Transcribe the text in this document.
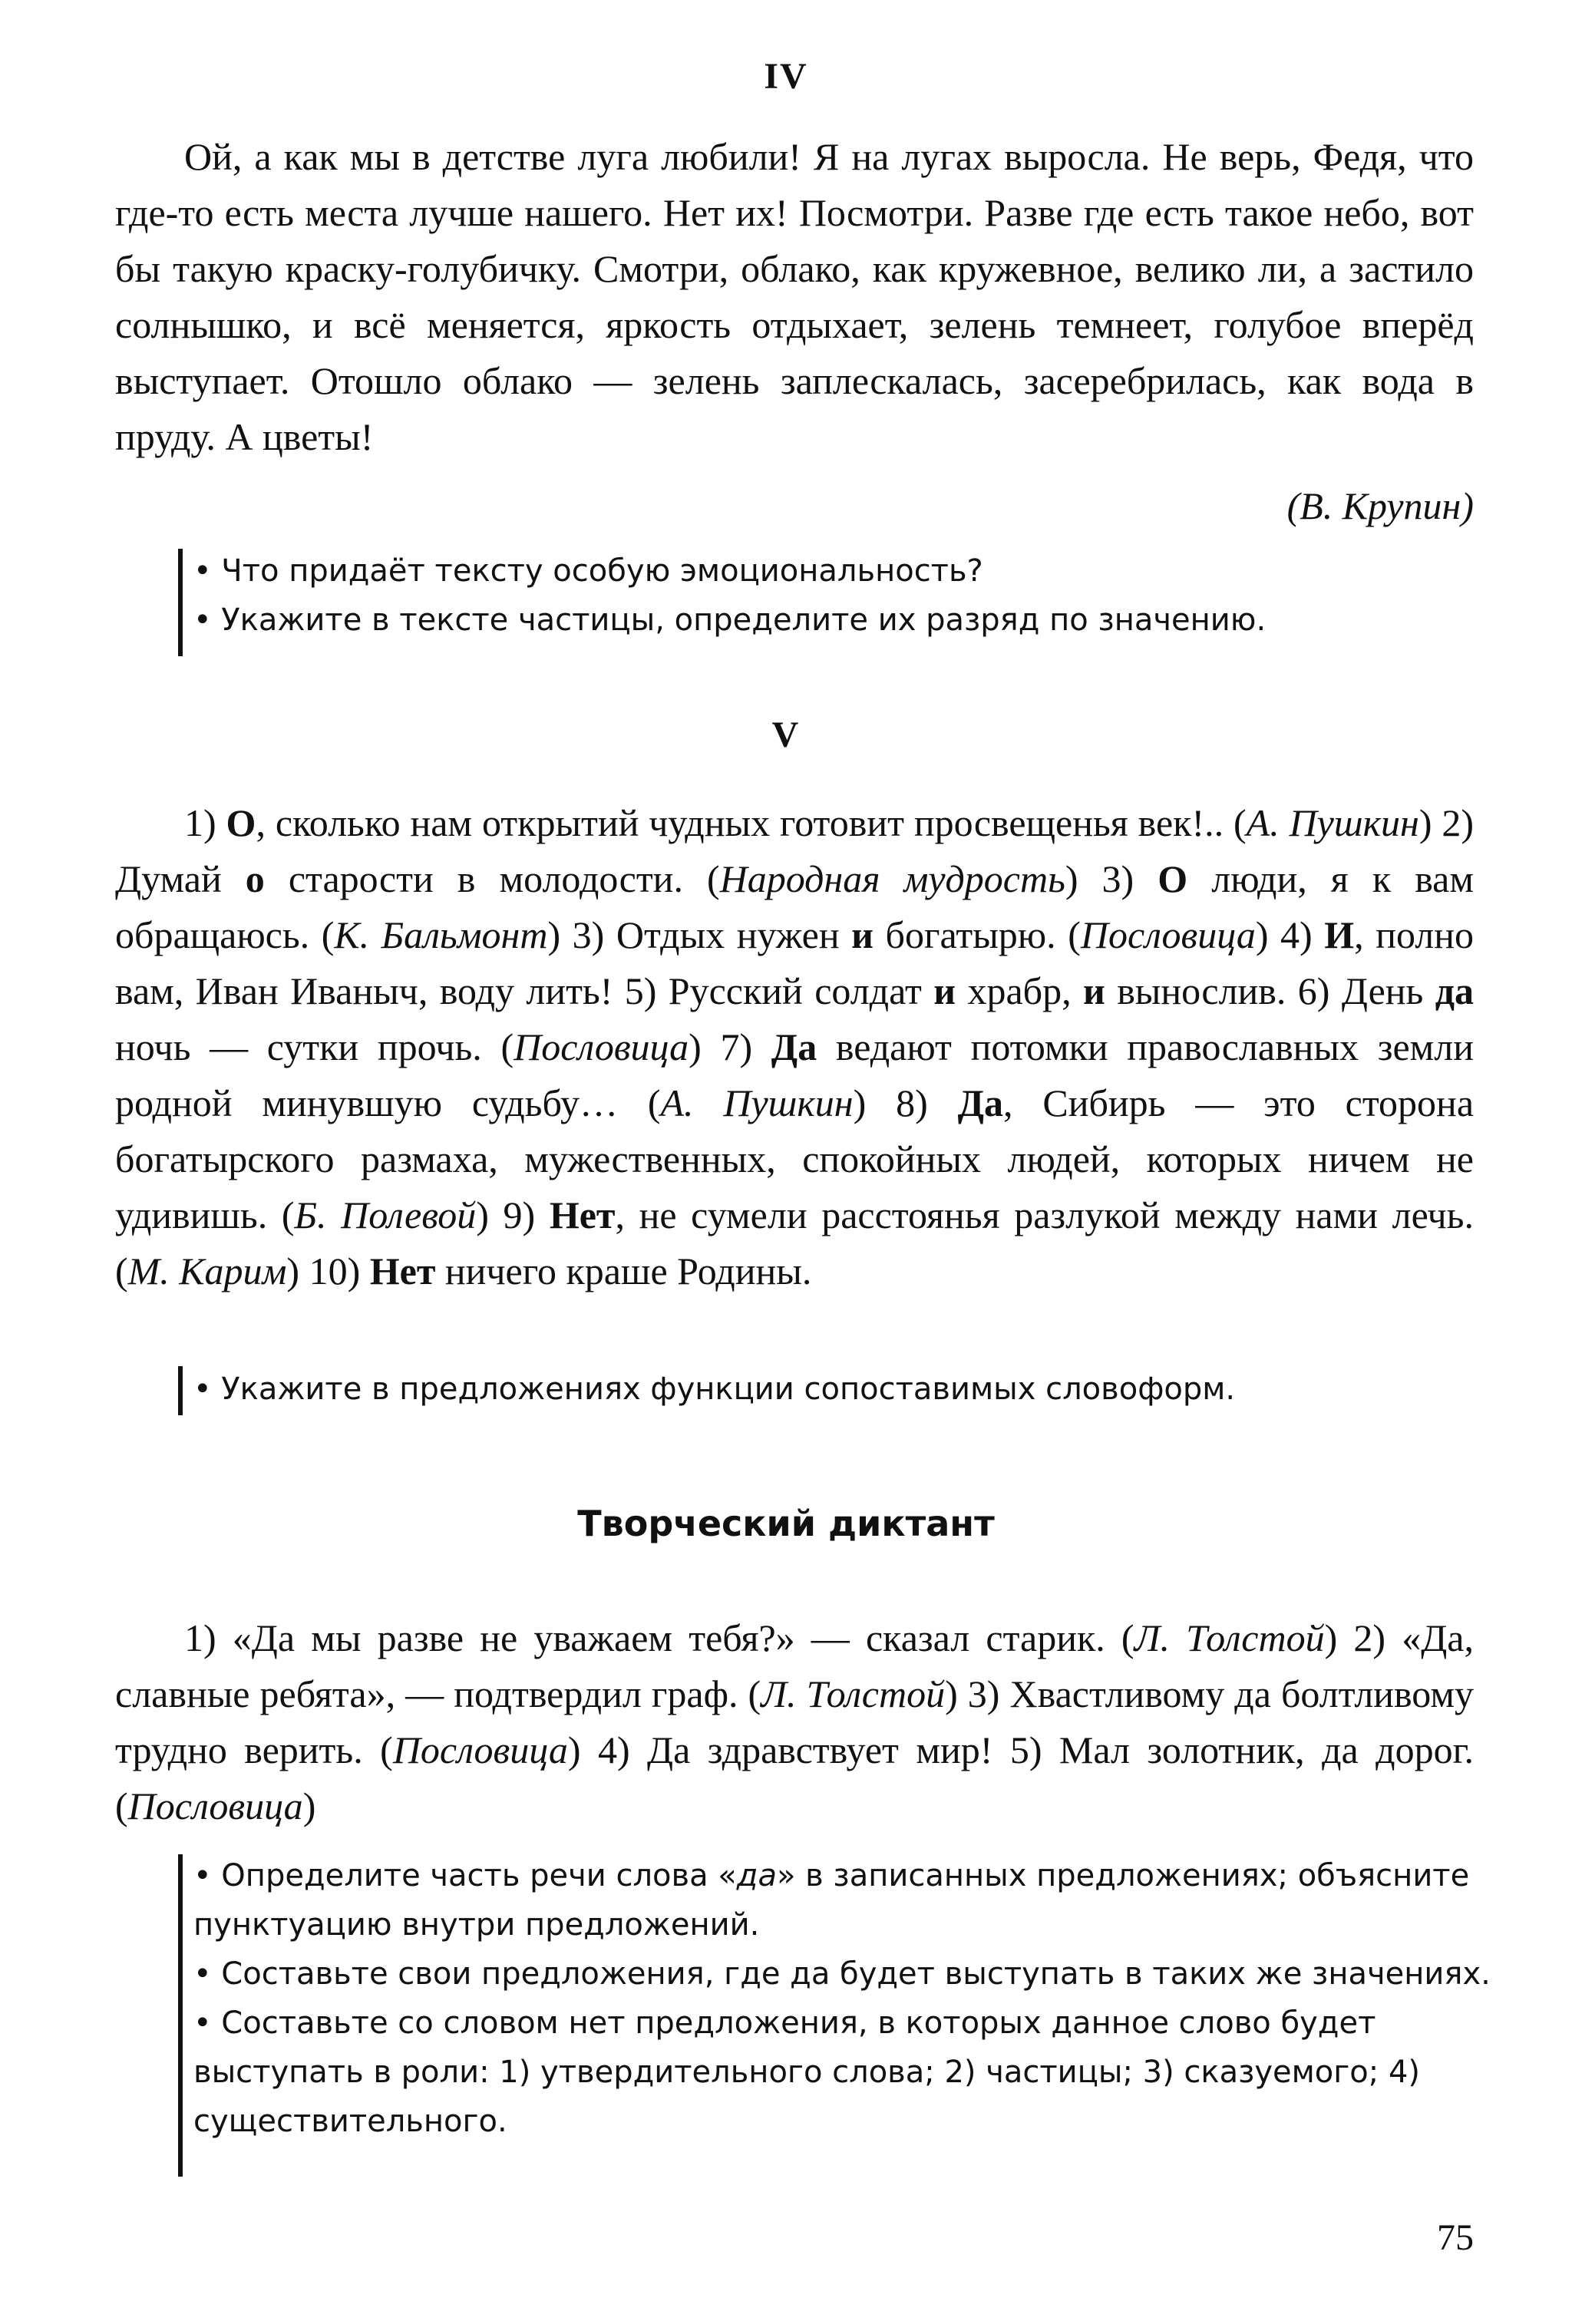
IV

Ой, а как мы в детстве луга любили! Я на лугах выросла. Не верь, Федя, что где-то есть места лучше нашего. Нет их! Посмотри. Разве где есть такое небо, вот бы такую краску-голубичку. Смотри, облако, как кружевное, велико ли, а застило солнышко, и всё меняется, яркость отдыхает, зелень темнеет, голубое вперёд выступает. Отошло облако — зелень заплескалась, засеребрилась, как вода в пруду. А цветы!

(В. Крупин)

• Что придаёт тексту особую эмоциональность?

• Укажите в тексте частицы, определите их разряд по значению.

V

1) О, сколько нам открытий чудных готовит просвещенья век!.. (А. Пушкин) 2) Думай о старости в молодости. (Народная мудрость) 3) О люди, я к вам обращаюсь. (К. Бальмонт) 3) Отдых нужен и богатырю. (Пословица) 4) И, полно вам, Иван Иваныч, воду лить! 5) Русский солдат и храбр, и вынослив. 6) День да ночь — сутки прочь. (Пословица) 7) Да ведают потомки православных земли родной минувшую судьбу… (А. Пушкин) 8) Да, Сибирь — это сторона богатырского размаха, мужественных, спокойных людей, которых ничем не удивишь. (Б. Полевой) 9) Нет, не сумели расстоянья разлукой между нами лечь. (М. Карим) 10) Нет ничего краше Родины.

• Укажите в предложениях функции сопоставимых словоформ.

Творческий диктант

1) «Да мы разве не уважаем тебя?» — сказал старик. (Л. Толстой) 2) «Да, славные ребята», — подтвердил граф. (Л. Толстой) 3) Хвастливому да болтливому трудно верить. (Пословица) 4) Да здравствует мир! 5) Мал золотник, да дорог. (Пословица)

• Определите часть речи слова «да» в записанных предложениях; объясните пунктуацию внутри предложений.

• Составьте свои предложения, где да будет выступать в таких же значениях.

• Составьте со словом нет предложения, в которых данное слово будет выступать в роли: 1) утвердительного слова; 2) частицы; 3) сказуемого; 4) существительного.

75
